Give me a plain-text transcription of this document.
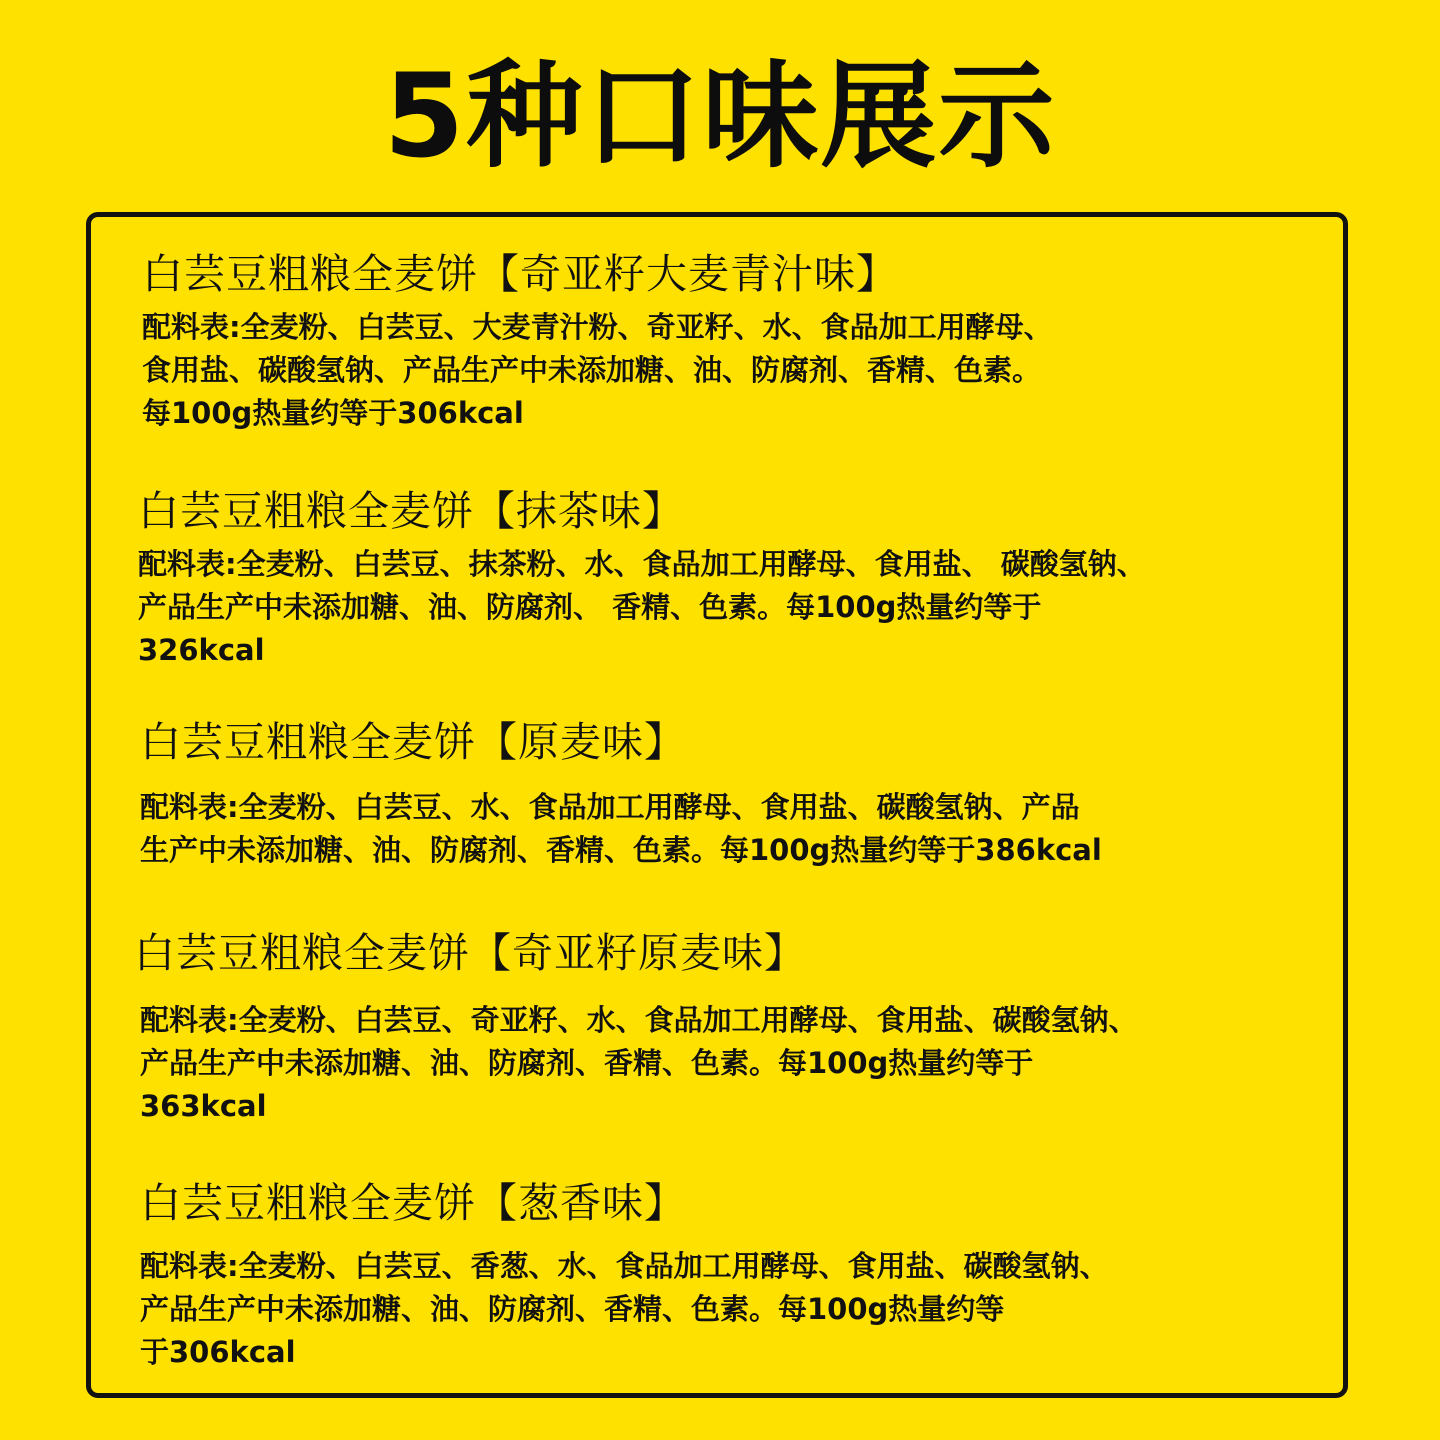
5种口味展示
白芸豆粗粮全麦饼【奇亚籽大麦青汁味】
配料表:全麦粉、白芸豆、大麦青汁粉、奇亚籽、水、食品加工用酵母、
食用盐、碳酸氢钠、产品生产中未添加糖、油、防腐剂、香精、色素。
每100g热量约等于306kcal
白芸豆粗粮全麦饼【抹茶味】
配料表:全麦粉、白芸豆、抹茶粉、水、食品加工用酵母、食用盐、 碳酸氢钠、
产品生产中未添加糖、油、防腐剂、 香精、色素。每100g热量约等于
326kcal
白芸豆粗粮全麦饼【原麦味】
配料表:全麦粉、白芸豆、水、食品加工用酵母、食用盐、碳酸氢钠、产品
生产中未添加糖、油、防腐剂、香精、色素。每100g热量约等于386kcal
白芸豆粗粮全麦饼【奇亚籽原麦味】
配料表:全麦粉、白芸豆、奇亚籽、水、食品加工用酵母、食用盐、碳酸氢钠、
产品生产中未添加糖、油、防腐剂、香精、色素。每100g热量约等于
363kcal
白芸豆粗粮全麦饼【葱香味】
配料表:全麦粉、白芸豆、香葱、水、食品加工用酵母、食用盐、碳酸氢钠、
产品生产中未添加糖、油、防腐剂、香精、色素。每100g热量约等
于306kcal
